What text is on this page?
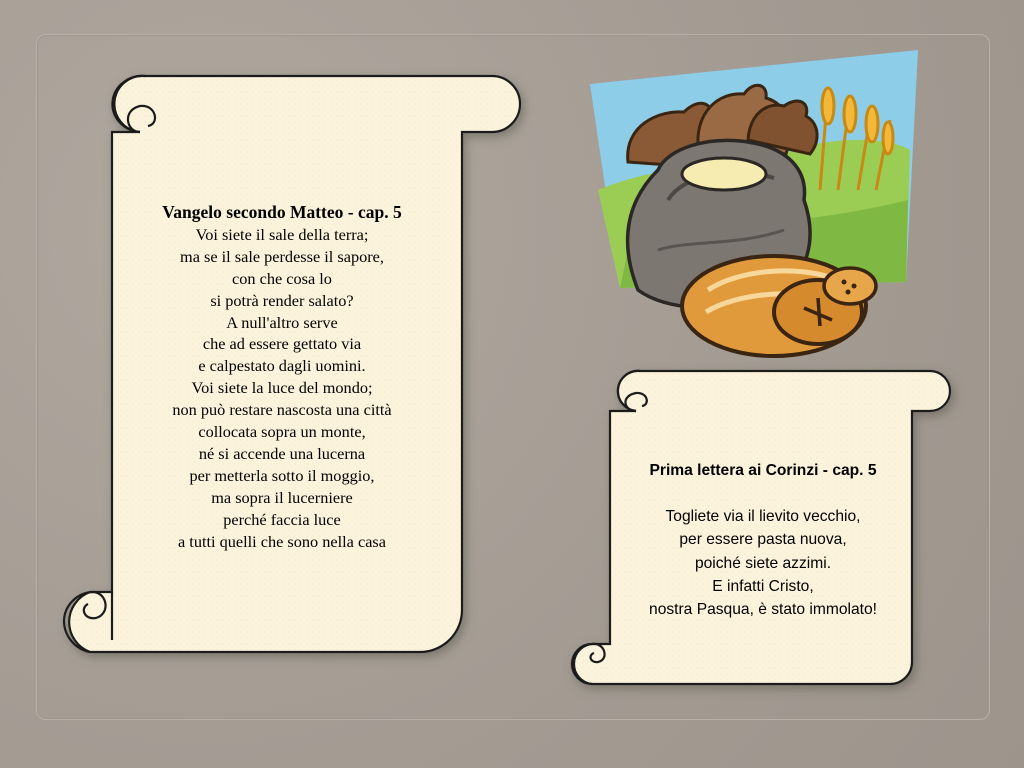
Vangelo secondo Matteo - cap. 5
Voi siete il sale della terra;
ma se il sale perdesse il sapore,
con che cosa lo
si potrà render salato?
A null'altro serve
che ad essere gettato via
e calpestato dagli uomini.
Voi siete la luce del mondo;
non può restare nascosta una città
collocata sopra un monte,
né si accende una lucerna
per metterla sotto il moggio,
ma sopra il lucerniere
perché faccia luce
a tutti quelli che sono nella casa
Prima lettera ai Corinzi - cap. 5
Togliete via il lievito vecchio,
per essere pasta nuova,
poiché siete azzimi.
E infatti Cristo,
nostra Pasqua, è stato immolato!
